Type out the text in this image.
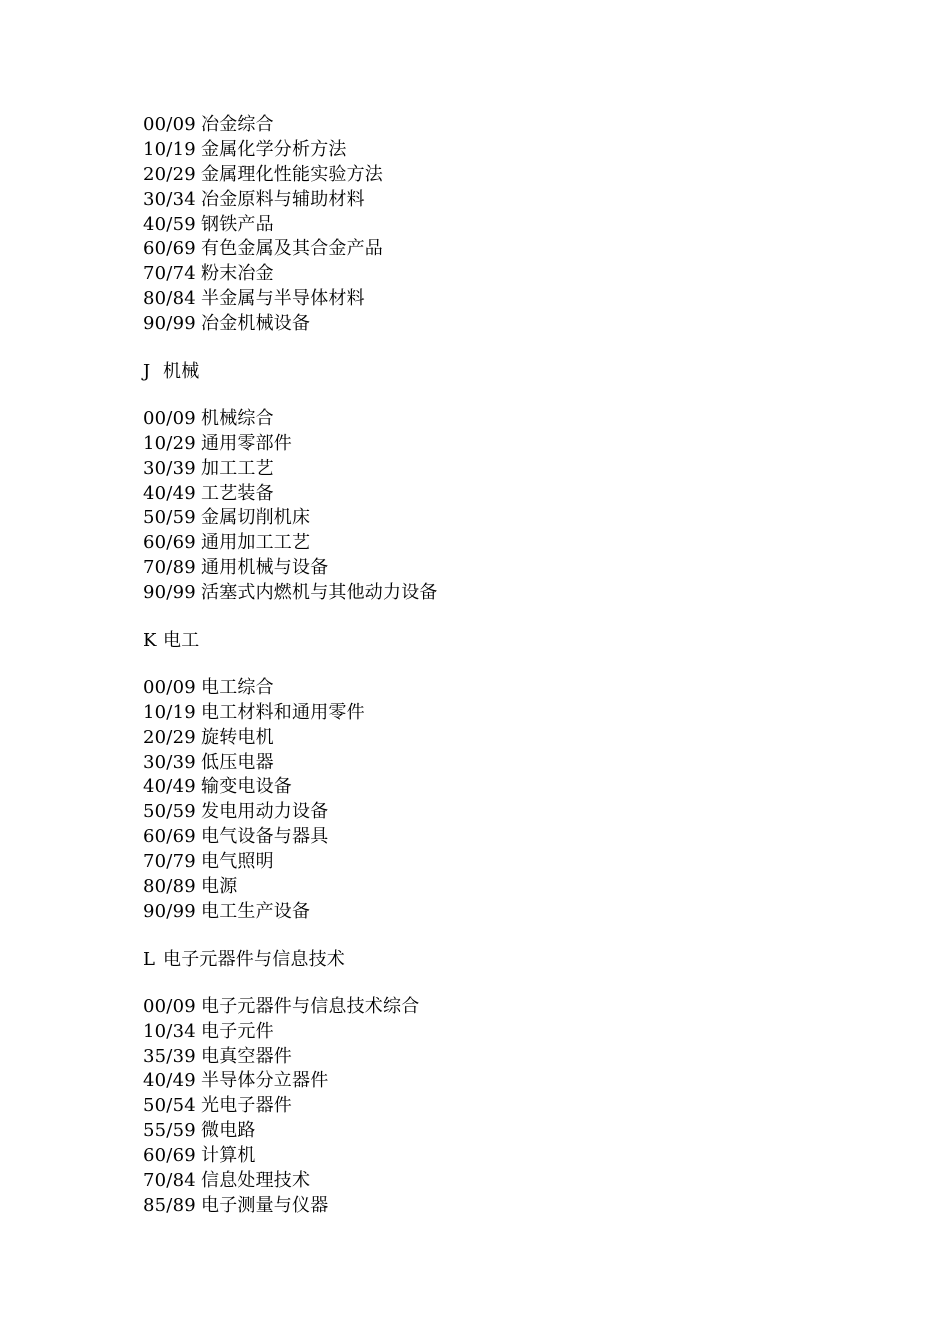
00/09 冶金综合
10/19 金属化学分析方法
20/29 金属理化性能实验方法
30/34 冶金原料与辅助材料
40/59 钢铁产品
60/69 有色金属及其合金产品
70/74 粉末冶金
80/84 半金属与半导体材料
90/99 冶金机械设备
J 机械
00/09 机械综合
10/29 通用零部件
30/39 加工工艺
40/49 工艺装备
50/59 金属切削机床
60/69 通用加工工艺
70/89 通用机械与设备
90/99 活塞式内燃机与其他动力设备
K 电工
00/09 电工综合
10/19 电工材料和通用零件
20/29 旋转电机
30/39 低压电器
40/49 输变电设备
50/59 发电用动力设备
60/69 电气设备与器具
70/79 电气照明
80/89 电源
90/99 电工生产设备
L 电子元器件与信息技术
00/09 电子元器件与信息技术综合
10/34 电子元件
35/39 电真空器件
40/49 半导体分立器件
50/54 光电子器件
55/59 微电路
60/69 计算机
70/84 信息处理技术
85/89 电子测量与仪器
